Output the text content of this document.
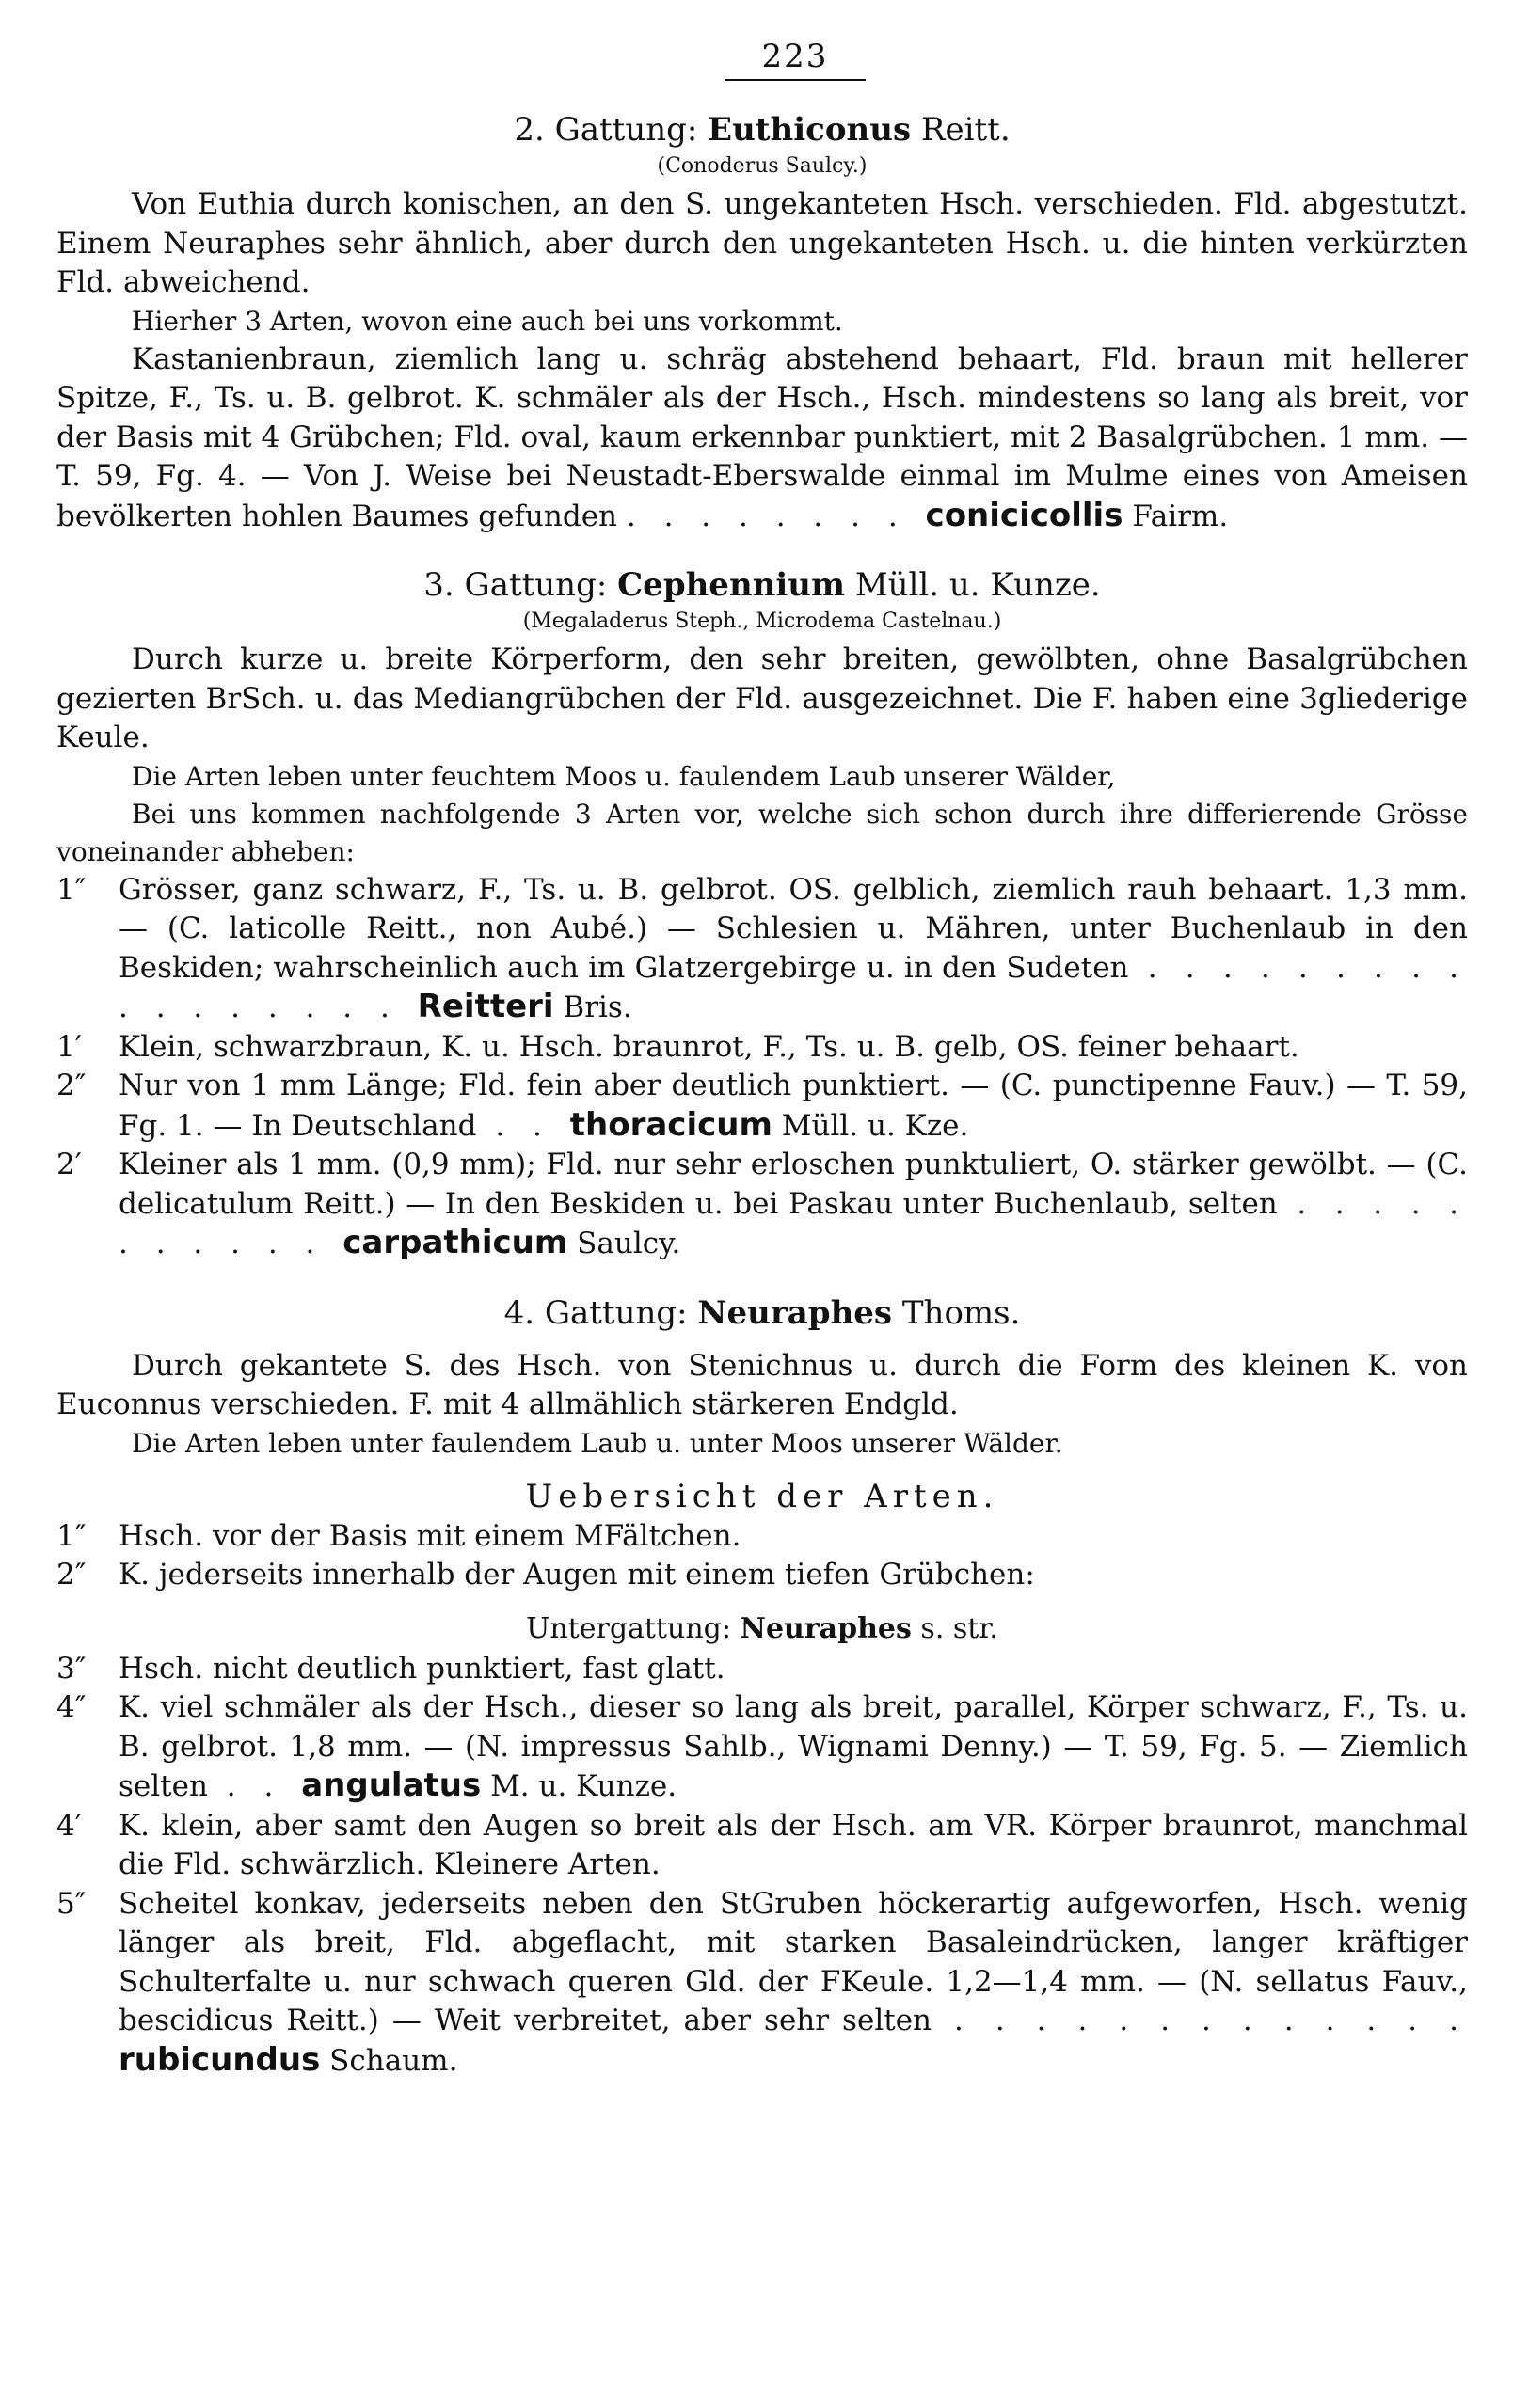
223
2. Gattung: Euthiconus Reitt.
(Conoderus Saulcy.)

Von Euthia durch konischen, an den S. ungekanteten Hsch. verschieden. Fld. abgestutzt. Einem Neuraphes sehr ähnlich, aber durch den ungekanteten Hsch. u. die hinten verkürzten Fld. abweichend.

Hierher 3 Arten, wovon eine auch bei uns vorkommt.

Kastanienbraun, ziemlich lang u. schräg abstehend behaart, Fld. braun mit hellerer Spitze, F., Ts. u. B. gelbrot. K. schmäler als der Hsch., Hsch. mindestens so lang als breit, vor der Basis mit 4 Grübchen; Fld. oval, kaum erkennbar punktiert, mit 2 Basalgrübchen. 1 mm. — T. 59, Fg. 4. — Von J. Weise bei Neustadt-Eberswalde einmal im Mulme eines von Ameisen bevölkerten hohlen Baumes gefunden . . . . . . . . conicicollis Fairm.

3. Gattung: Cephennium Müll. u. Kunze.
(Megaladerus Steph., Microdema Castelnau.)

Durch kurze u. breite Körperform, den sehr breiten, gewölbten, ohne Basalgrübchen gezierten BrSch. u. das Mediangrübchen der Fld. ausgezeichnet. Die F. haben eine 3gliederige Keule.

Die Arten leben unter feuchtem Moos u. faulendem Laub unserer Wälder,

Bei uns kommen nachfolgende 3 Arten vor, welche sich schon durch ihre differierende Grösse voneinander abheben:

1″	Grösser, ganz schwarz, F., Ts. u. B. gelbrot. OS. gelblich, ziemlich rauh behaart. 1,3 mm. — (C. laticolle Reitt., non Aubé.) — Schlesien u. Mähren, unter Buchenlaub in den Beskiden; wahrscheinlich auch im Glatzergebirge u. in den Sudeten . . . . . . . . . . . . . . . . . Reitteri Bris.
1′	Klein, schwarzbraun, K. u. Hsch. braunrot, F., Ts. u. B. gelb, OS. feiner behaart.
2″	Nur von 1 mm Länge; Fld. fein aber deutlich punktiert. — (C. punctipenne Fauv.) — T. 59, Fg. 1. — In Deutschland . . thoracicum Müll. u. Kze.
2′	Kleiner als 1 mm. (0,9 mm); Fld. nur sehr erloschen punktuliert, O. stärker gewölbt. — (C. delicatulum Reitt.) — In den Beskiden u. bei Paskau unter Buchenlaub, selten . . . . . . . . . . . carpathicum Saulcy.
4. Gattung: Neuraphes Thoms.

Durch gekantete S. des Hsch. von Stenichnus u. durch die Form des kleinen K. von Euconnus verschieden. F. mit 4 allmählich stärkeren Endgld.

Die Arten leben unter faulendem Laub u. unter Moos unserer Wälder.

Uebersicht der Arten.
1″	Hsch. vor der Basis mit einem MFältchen.
2″	K. jederseits innerhalb der Augen mit einem tiefen Grübchen:
Untergattung: Neuraphes s. str.
3″	Hsch. nicht deutlich punktiert, fast glatt.
4″	K. viel schmäler als der Hsch., dieser so lang als breit, parallel, Körper schwarz, F., Ts. u. B. gelbrot. 1,8 mm. — (N. impressus Sahlb., Wignami Denny.) — T. 59, Fg. 5. — Ziemlich selten . . angulatus M. u. Kunze.
4′	K. klein, aber samt den Augen so breit als der Hsch. am VR. Körper braunrot, manchmal die Fld. schwärzlich. Kleinere Arten.
5″	Scheitel konkav, jederseits neben den StGruben höckerartig aufgeworfen, Hsch. wenig länger als breit, Fld. abgeflacht, mit starken Basaleindrücken, langer kräftiger Schulterfalte u. nur schwach queren Gld. der FKeule. 1,2—1,4 mm. — (N. sellatus Fauv., bescidicus Reitt.) — Weit verbreitet, aber sehr selten . . . . . . . . . . . . . rubicundus Schaum.
